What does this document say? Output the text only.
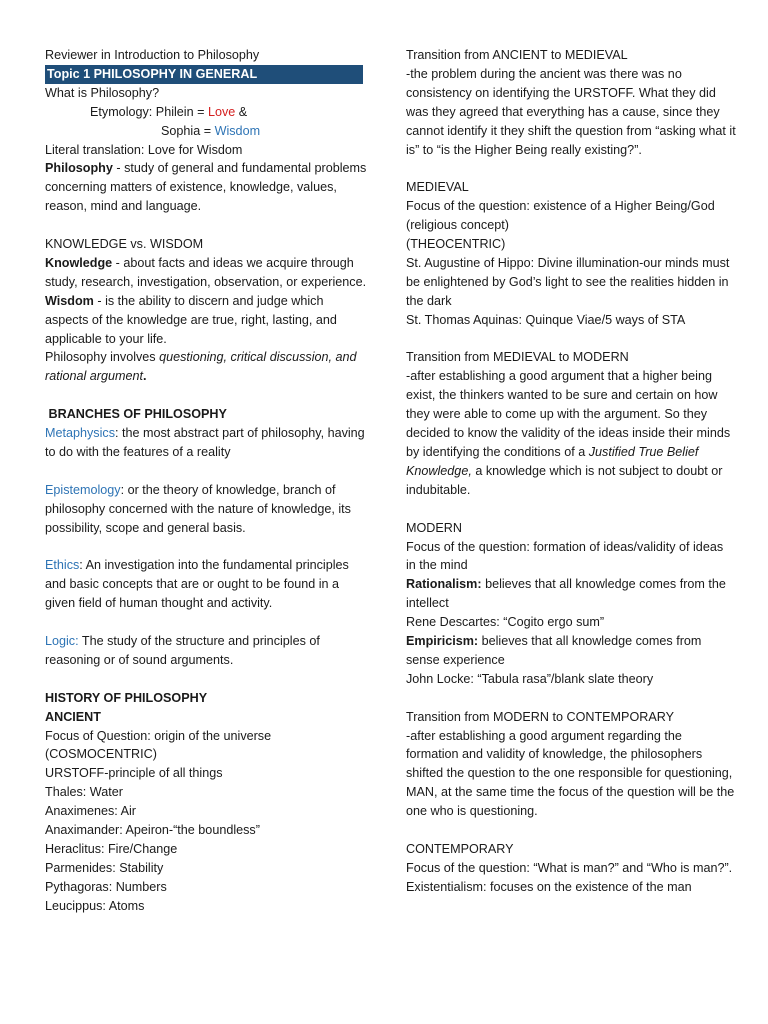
Reviewer in Introduction to Philosophy
Topic 1 PHILOSOPHY IN GENERAL
What is Philosophy?
Etymology: Philein = Love &
Sophia = Wisdom
Literal translation: Love for Wisdom
Philosophy - study of general and fundamental problems concerning matters of existence, knowledge, values, reason, mind and language.
KNOWLEDGE vs. WISDOM
Knowledge - about facts and ideas we acquire through study, research, investigation, observation, or experience.
Wisdom - is the ability to discern and judge which aspects of the knowledge are true, right, lasting, and applicable to your life.
Philosophy involves questioning, critical discussion, and rational argument.
BRANCHES OF PHILOSOPHY
Metaphysics: the most abstract part of philosophy, having to do with the features of a reality
Epistemology: or the theory of knowledge, branch of philosophy concerned with the nature of knowledge, its possibility, scope and general basis.
Ethics: An investigation into the fundamental principles and basic concepts that are or ought to be found in a given field of human thought and activity.
Logic: The study of the structure and principles of reasoning or of sound arguments.
HISTORY OF PHILOSOPHY
ANCIENT
Focus of Question: origin of the universe
(COSMOCENTRIC)
URSTOFF-principle of all things
Thales: Water
Anaximenes: Air
Anaximander: Apeiron-“the boundless”
Heraclitus: Fire/Change
Parmenides: Stability
Pythagoras: Numbers
Leucippus: Atoms
Transition from ANCIENT to MEDIEVAL
-the problem during the ancient was there was no consistency on identifying the URSTOFF. What they did was they agreed that everything has a cause, since they cannot identify it they shift the question from “asking what it is” to “is the Higher Being really existing?”.
MEDIEVAL
Focus of the question: existence of a Higher Being/God (religious concept)
(THEOCENTRIC)
St. Augustine of Hippo: Divine illumination-our minds must be enlightened by God’s light to see the realities hidden in the dark
St. Thomas Aquinas: Quinque Viae/5 ways of STA
Transition from MEDIEVAL to MODERN
-after establishing a good argument that a higher being exist, the thinkers wanted to be sure and certain on how they were able to come up with the argument. So they decided to know the validity of the ideas inside their minds by identifying the conditions of a Justified True Belief Knowledge, a knowledge which is not subject to doubt or indubitable.
MODERN
Focus of the question: formation of ideas/validity of ideas in the mind
Rationalism: believes that all knowledge comes from the intellect
Rene Descartes: “Cogito ergo sum”
Empiricism: believes that all knowledge comes from sense experience
John Locke: “Tabula rasa”/blank slate theory
Transition from MODERN to CONTEMPORARY
-after establishing a good argument regarding the formation and validity of knowledge, the philosophers shifted the question to the one responsible for questioning, MAN, at the same time the focus of the question will be the one who is questioning.
CONTEMPORARY
Focus of the question: “What is man?” and “Who is man?”.
Existentialism: focuses on the existence of the man
